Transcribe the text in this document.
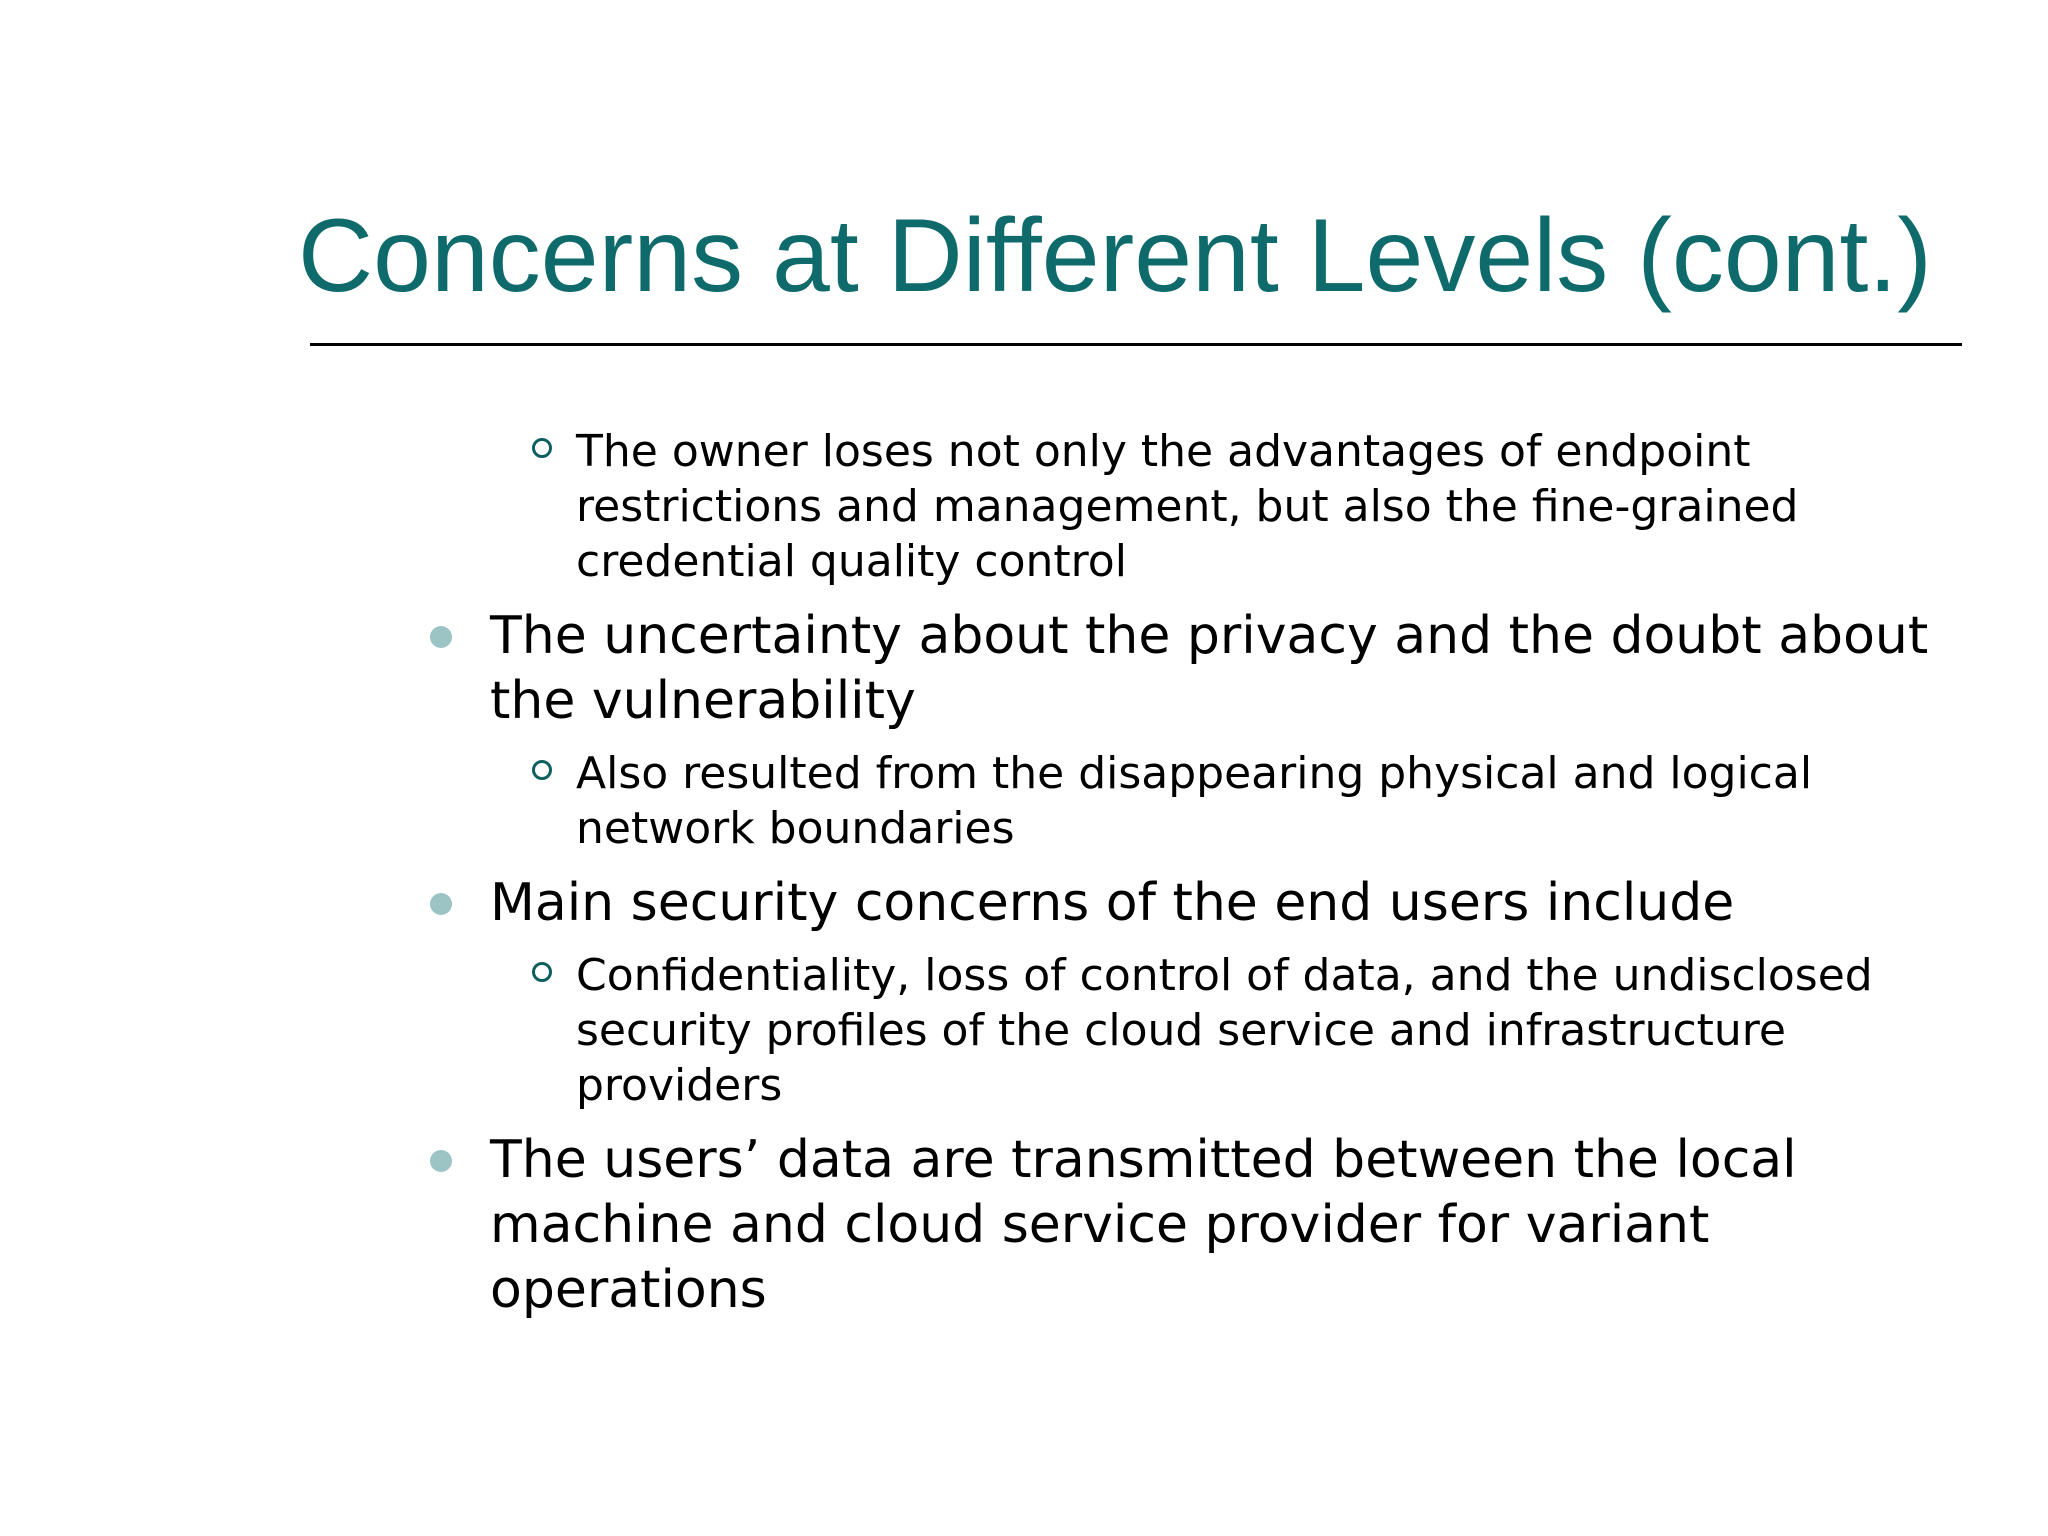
Concerns at Different Levels (cont.)
The owner loses not only the advantages of endpoint restrictions and management, but also the fine-grained credential quality control
The uncertainty about the privacy and the doubt about the vulnerability
Also resulted from the disappearing physical and logical network boundaries
Main security concerns of the end users include
Confidentiality, loss of control of data, and the undisclosed security profiles of the cloud service and infrastructure providers
The users’ data are transmitted between the local machine and cloud service provider for variant operations
